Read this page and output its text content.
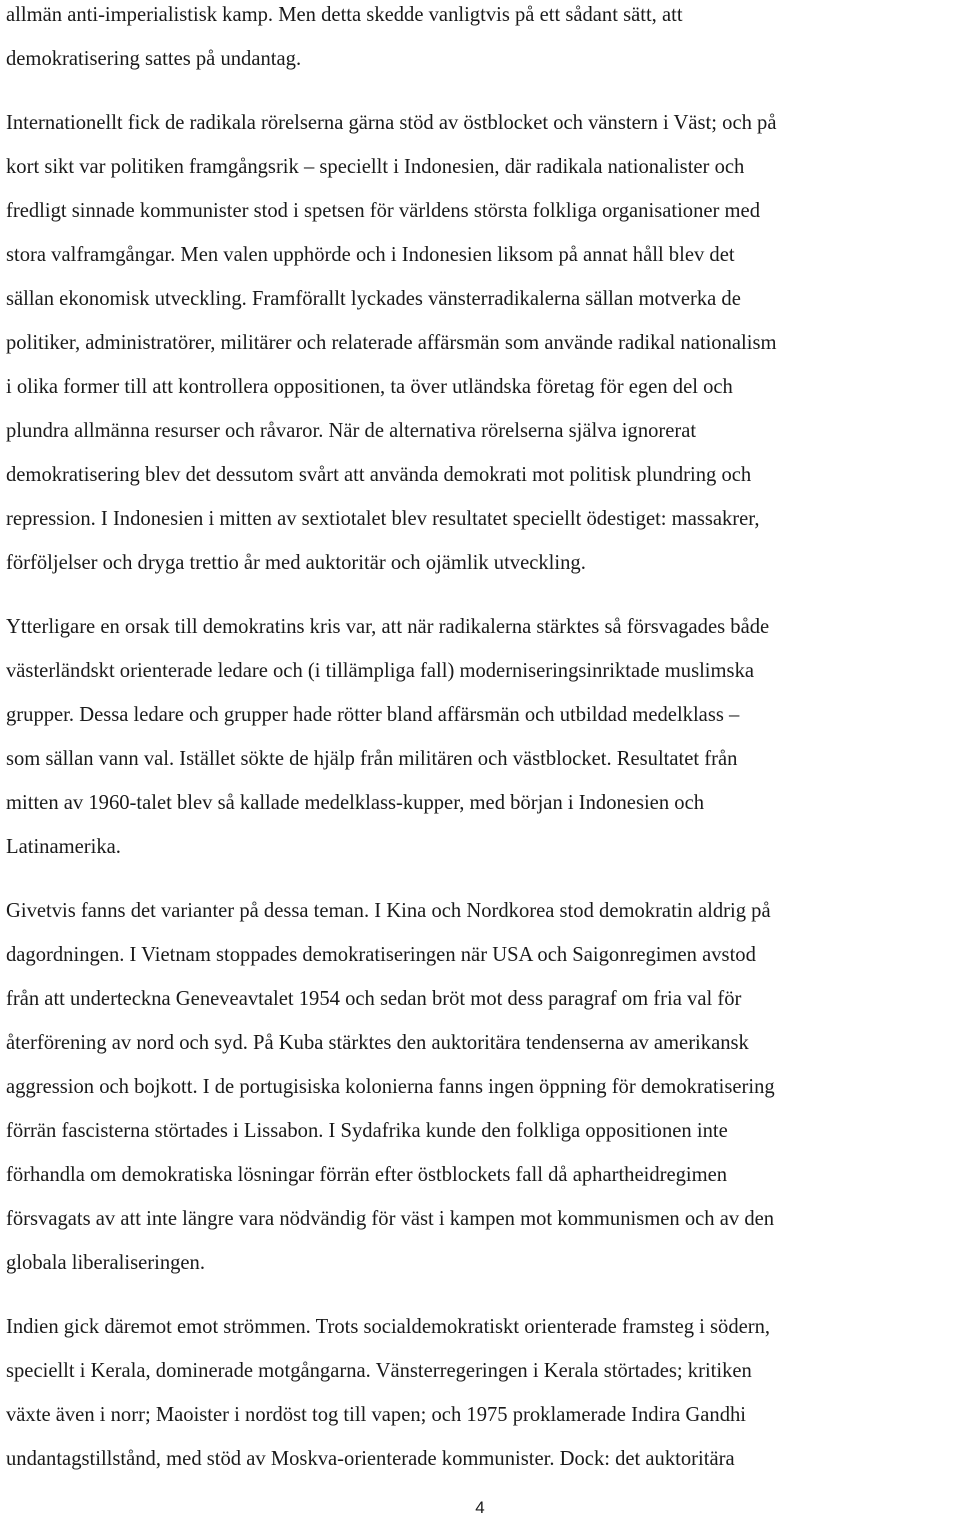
allmän anti-imperialistisk kamp. Men detta skedde vanligtvis på ett sådant sätt, att
demokratisering sattes på undantag.
Internationellt fick de radikala rörelserna gärna stöd av östblocket och vänstern i Väst; och på
kort sikt var politiken framgångsrik – speciellt i Indonesien, där radikala nationalister och
fredligt sinnade kommunister stod i spetsen för världens största folkliga organisationer med
stora valframgångar. Men valen upphörde och i Indonesien liksom på annat håll blev det
sällan ekonomisk utveckling. Framförallt lyckades vänsterradikalerna sällan motverka de
politiker, administratörer, militärer och relaterade affärsmän som använde radikal nationalism
i olika former till att kontrollera oppositionen, ta över utländska företag för egen del och
plundra allmänna resurser och råvaror. När de alternativa rörelserna själva ignorerat
demokratisering blev det dessutom svårt att använda demokrati mot politisk plundring och
repression. I Indonesien i mitten av sextiotalet blev resultatet speciellt ödestiget: massakrer,
förföljelser och dryga trettio år med auktoritär och ojämlik utveckling.
Ytterligare en orsak till demokratins kris var, att när radikalerna stärktes så försvagades både
västerländskt orienterade ledare och (i tillämpliga fall) moderniseringsinriktade muslimska
grupper. Dessa ledare och grupper hade rötter bland affärsmän och utbildad medelklass –
som sällan vann val. Istället sökte de hjälp från militären och västblocket. Resultatet från
mitten av 1960-talet blev så kallade medelklass-kupper, med början i Indonesien och
Latinamerika.
Givetvis fanns det varianter på dessa teman. I Kina och Nordkorea stod demokratin aldrig på
dagordningen. I Vietnam stoppades demokratiseringen när USA och Saigonregimen avstod
från att underteckna Geneveavtalet 1954 och sedan bröt mot dess paragraf om fria val för
återförening av nord och syd. På Kuba stärktes den auktoritära tendenserna av amerikansk
aggression och bojkott. I de portugisiska kolonierna fanns ingen öppning för demokratisering
förrän fascisterna störtades i Lissabon. I Sydafrika kunde den folkliga oppositionen inte
förhandla om demokratiska lösningar förrän efter östblockets fall då aphartheidregimen
försvagats av att inte längre vara nödvändig för väst i kampen mot kommunismen och av den
globala liberaliseringen.
Indien gick däremot emot strömmen. Trots socialdemokratiskt orienterade framsteg i södern,
speciellt i Kerala, dominerade motgångarna. Vänsterregeringen i Kerala störtades; kritiken
växte även i norr; Maoister i nordöst tog till vapen; och 1975 proklamerade Indira Gandhi
undantagstillstånd, med stöd av Moskva-orienterade kommunister. Dock: det auktoritära
4
